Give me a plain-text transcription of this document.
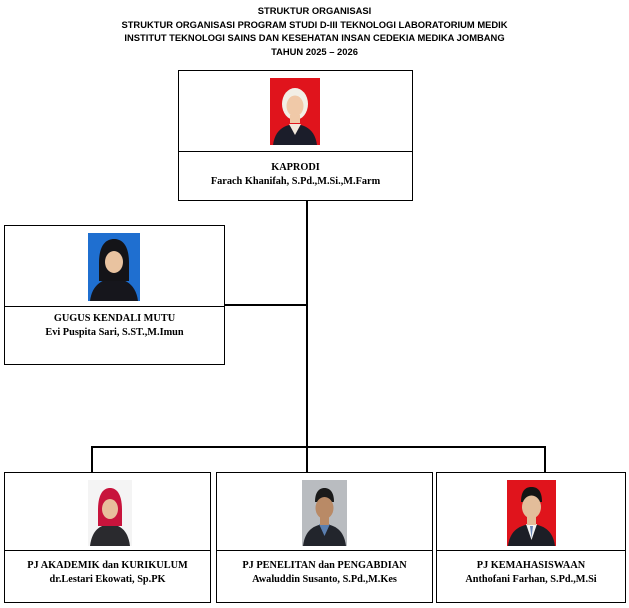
STRUKTUR ORGANISASI
STRUKTUR ORGANISASI PROGRAM STUDI D-III TEKNOLOGI LABORATORIUM MEDIK
INSTITUT TEKNOLOGI SAINS DAN KESEHATAN INSAN CEDEKIA MEDIKA JOMBANG
TAHUN 2025 – 2026
KAPRODI
Farach Khanifah, S.Pd.,M.Si.,M.Farm
GUGUS KENDALI MUTU
Evi Puspita Sari, S.ST.,M.Imun
PJ AKADEMIK dan KURIKULUM
dr.Lestari Ekowati, Sp.PK
PJ PENELITAN dan PENGABDIAN
Awaluddin Susanto, S.Pd.,M.Kes
PJ KEMAHASISWAAN
Anthofani Farhan, S.Pd.,M.Si
